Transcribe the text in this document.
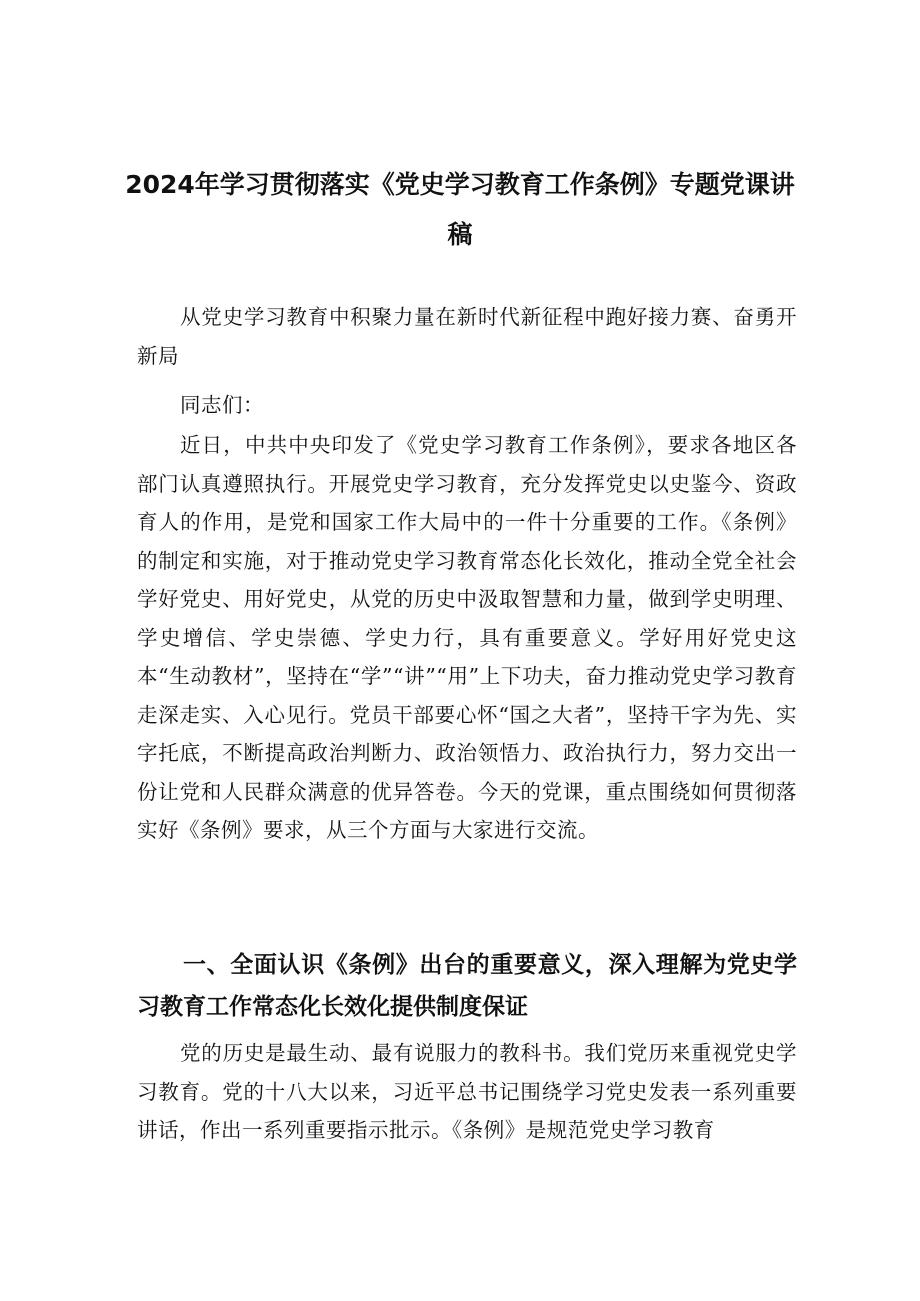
2024年学习贯彻落实《党史学习教育工作条例》专题党课讲稿

从党史学习教育中积聚力量在新时代新征程中跑好接力赛、奋勇开新局

同志们：

近日，中共中央印发了《党史学习教育工作条例》，要求各地区各部门认真遵照执行。开展党史学习教育，充分发挥党史以史鉴今、资政育人的作用，是党和国家工作大局中的一件十分重要的工作。《条例》的制定和实施，对于推动党史学习教育常态化长效化，推动全党全社会学好党史、用好党史，从党的历史中汲取智慧和力量，做到学史明理、学史增信、学史崇德、学史力行，具有重要意义。学好用好党史这本“生动教材”，坚持在“学”“讲”“用”上下功夫，奋力推动党史学习教育走深走实、入心见行。党员干部要心怀“国之大者”，坚持干字为先、实字托底，不断提高政治判断力、政治领悟力、政治执行力，努力交出一份让党和人民群众满意的优异答卷。今天的党课，重点围绕如何贯彻落实好《条例》要求，从三个方面与大家进行交流。

一、全面认识《条例》出台的重要意义，深入理解为党史学习教育工作常态化长效化提供制度保证

党的历史是最生动、最有说服力的教科书。我们党历来重视党史学习教育。党的十八大以来，习近平总书记围绕学习党史发表一系列重要讲话，作出一系列重要指示批示。《条例》是规范党史学习教育
